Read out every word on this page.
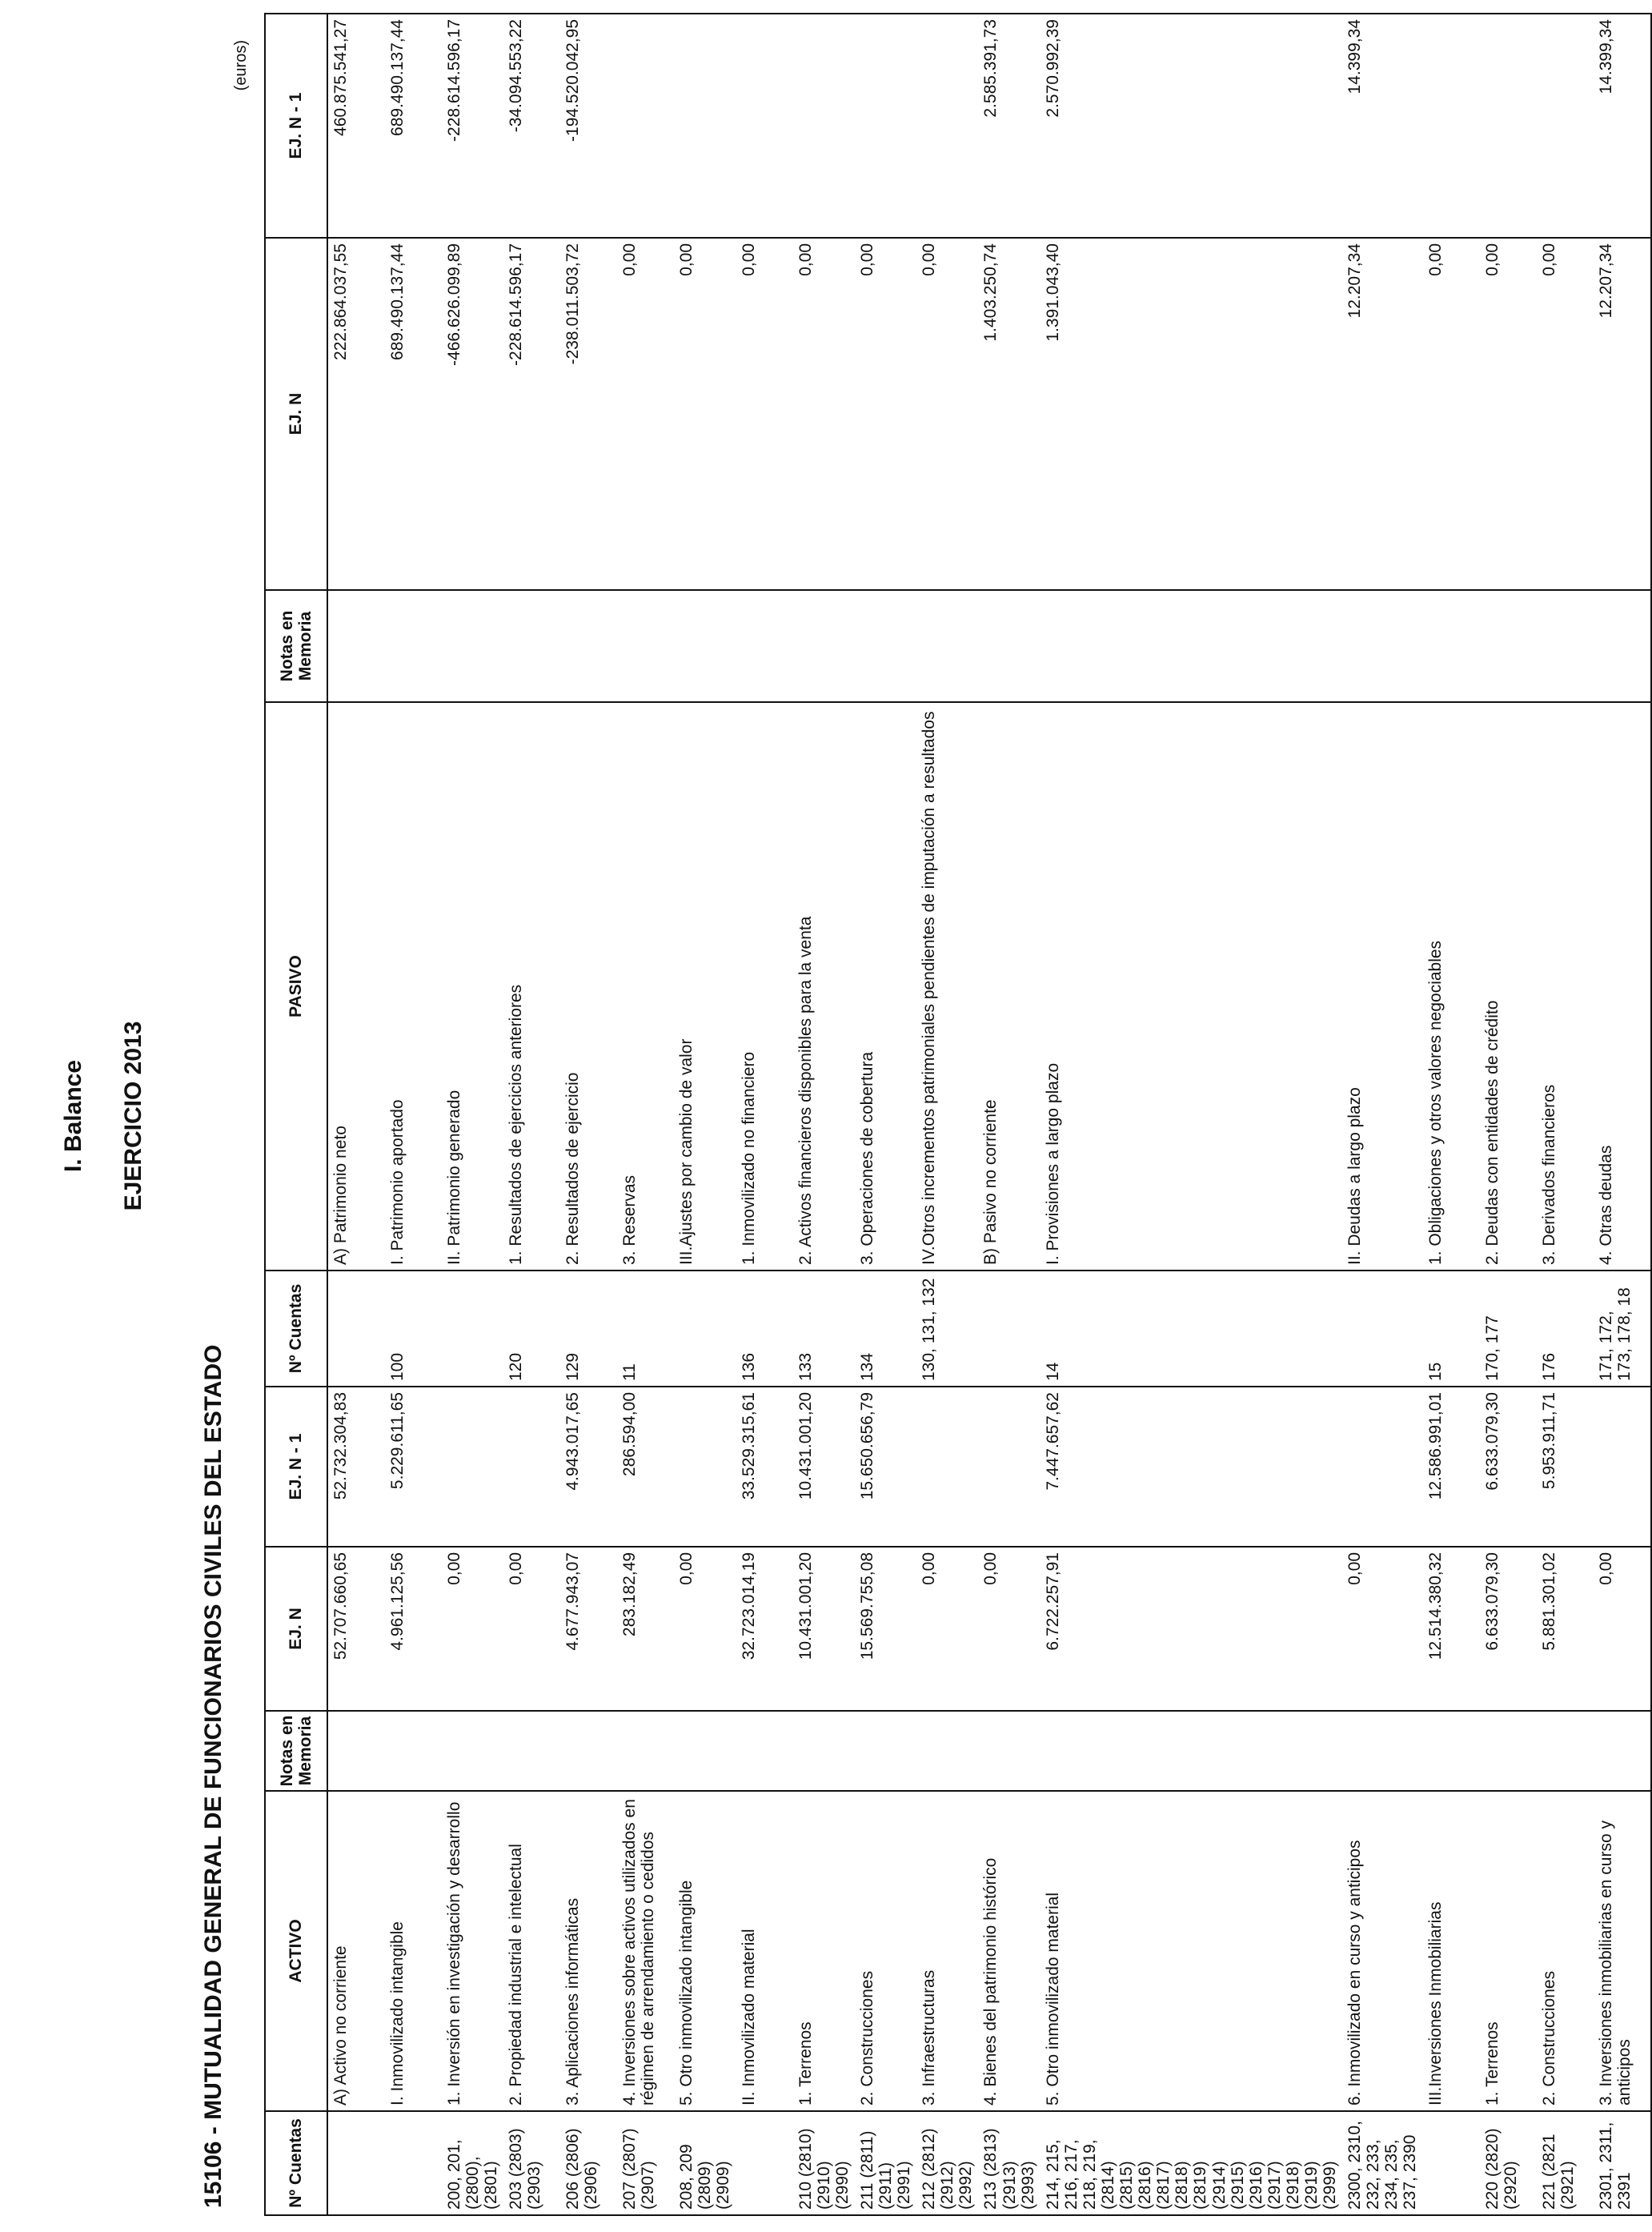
I. Balance EJERCICIO 2013
15106 - MUTUALIDAD GENERAL DE FUNCIONARIOS CIVILES DEL ESTADO
(euros)
Nº Cuentas	ACTIVO	Notas en Memoria	EJ. N	EJ. N - 1	Nº Cuentas	PASIVO	Notas en Memoria	EJ. N	EJ. N - 1
	A) Activo no corriente		52.707.660,65	52.732.304,83		A) Patrimonio neto		222.864.037,55	460.875.541,27
	I. Inmovilizado intangible		4.961.125,56	5.229.611,65	100	I. Patrimonio aportado		689.490.137,44	689.490.137,44
200, 201, (2800), (2801)	1. Inversión en investigación y desarrollo		0,00			II. Patrimonio generado		-466.626.099,89	-228.614.596,17
203 (2803) (2903)	2. Propiedad industrial e intelectual		0,00		120	1. Resultados de ejercicios anteriores		-228.614.596,17	-34.094.553,22
206 (2806) (2906)	3. Aplicaciones informáticas		4.677.943,07	4.943.017,65	129	2. Resultados de ejercicio		-238.011.503,72	-194.520.042,95
207 (2807) (2907)	4. Inversiones sobre activos utilizados en régimen de arrendamiento o cedidos		283.182,49	286.594,00	11	3. Reservas		0,00	
208, 209 (2809) (2909)	5. Otro inmovilizado intangible		0,00			III.Ajustes por cambio de valor		0,00	
	II. Inmovilizado material		32.723.014,19	33.529.315,61	136	1. Inmovilizado no financiero		0,00	
210 (2810) (2910) (2990)	1. Terrenos		10.431.001,20	10.431.001,20	133	2. Activos financieros disponibles para la venta		0,00	
211 (2811) (2911) (2991)	2. Construcciones		15.569.755,08	15.650.656,79	134	3. Operaciones de cobertura		0,00	
212 (2812) (2912) (2992)	3. Infraestructuras		0,00		130, 131, 132	IV.Otros incrementos patrimoniales pendientes de imputación a resultados		0,00	
213 (2813) (2913) (2993)	4. Bienes del patrimonio histórico		0,00			B) Pasivo no corriente		1.403.250,74	2.585.391,73
214, 215, 216, 217, 218, 219, (2814) (2815) (2816) (2817) (2818) (2819) (2914) (2915) (2916) (2917) (2918) (2919) (2999)	5. Otro inmovilizado material		6.722.257,91	7.447.657,62	14	I. Provisiones a largo plazo		1.391.043,40	2.570.992,39
2300, 2310, 232, 233, 234, 235, 237, 2390	6. Inmovilizado en curso y anticipos		0,00			II. Deudas a largo plazo		12.207,34	14.399,34
	III.Inversiones Inmobiliarias		12.514.380,32	12.586.991,01	15	1. Obligaciones y otros valores negociables		0,00	
220 (2820) (2920)	1. Terrenos		6.633.079,30	6.633.079,30	170, 177	2. Deudas con entidades de crédito		0,00	
221 (2821 (2921)	2. Construcciones		5.881.301,02	5.953.911,71	176	3. Derivados financieros		0,00	
2301, 2311, 2391	3. Inversiones inmobiliarias en curso y anticipos		0,00		171, 172, 173, 178, 18	4. Otras deudas		12.207,34	14.399,34
